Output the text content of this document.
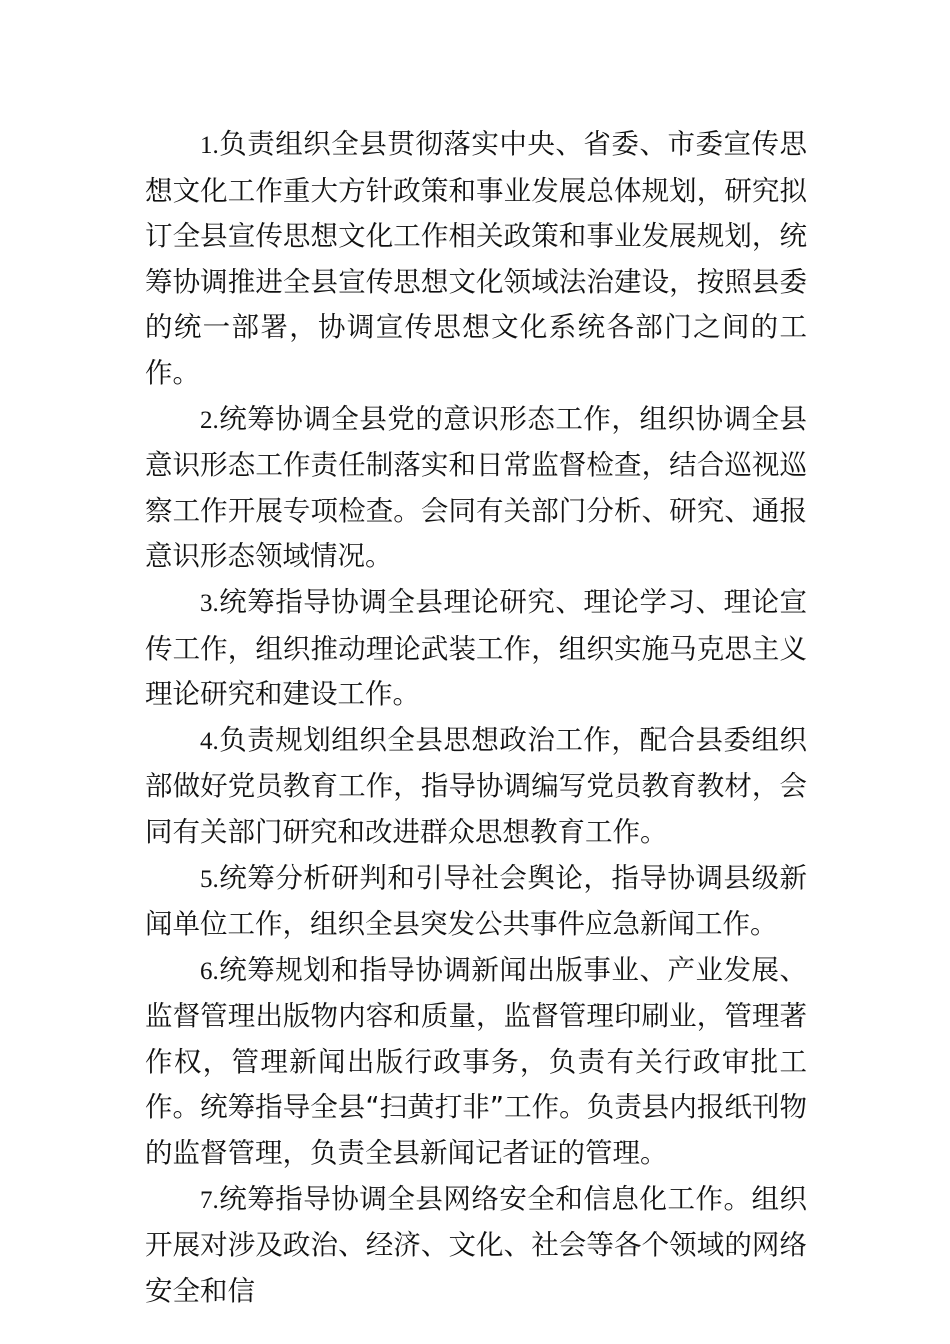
1.负责组织全县贯彻落实中央、省委、市委宣传思想文化工作重大方针政策和事业发展总体规划，研究拟订全县宣传思想文化工作相关政策和事业发展规划，统筹协调推进全县宣传思想文化领域法治建设，按照县委的统一部署，协调宣传思想文化系统各部门之间的工作。

2.统筹协调全县党的意识形态工作，组织协调全县意识形态工作责任制落实和日常监督检查，结合巡视巡察工作开展专项检查。会同有关部门分析、研究、通报意识形态领域情况。

3.统筹指导协调全县理论研究、理论学习、理论宣传工作，组织推动理论武装工作，组织实施马克思主义理论研究和建设工作。

4.负责规划组织全县思想政治工作，配合县委组织部做好党员教育工作，指导协调编写党员教育教材，会同有关部门研究和改进群众思想教育工作。

5.统筹分析研判和引导社会舆论，指导协调县级新闻单位工作，组织全县突发公共事件应急新闻工作。

6.统筹规划和指导协调新闻出版事业、产业发展、监督管理出版物内容和质量，监督管理印刷业，管理著作权，管理新闻出版行政事务，负责有关行政审批工作。统筹指导全县“扫黄打非”工作。负责县内报纸刊物的监督管理，负责全县新闻记者证的管理。

7.统筹指导协调全县网络安全和信息化工作。组织开展对涉及政治、经济、文化、社会等各个领域的网络安全和信
